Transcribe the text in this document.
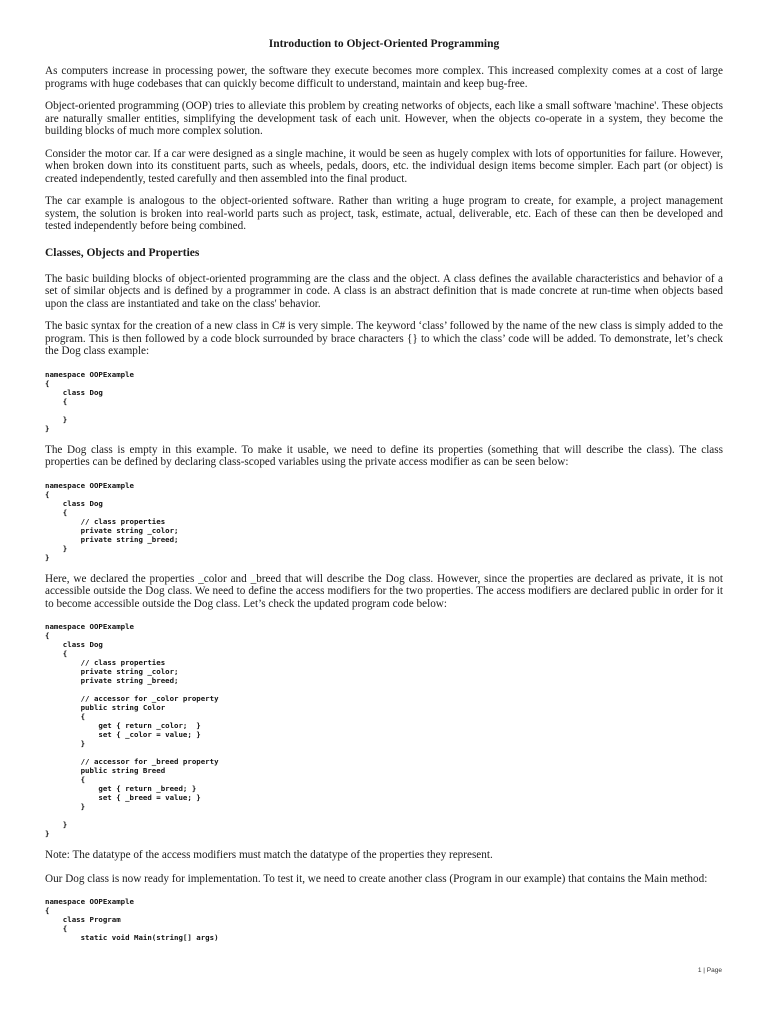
Introduction to Object-Oriented Programming

As computers increase in processing power, the software they execute becomes more complex. This increased complexity comes at a cost of large programs with huge codebases that can quickly become difficult to understand, maintain and keep bug-free.

Object-oriented programming (OOP) tries to alleviate this problem by creating networks of objects, each like a small software 'machine'. These objects are naturally smaller entities, simplifying the development task of each unit. However, when the objects co-operate in a system, they become the building blocks of much more complex solution.

Consider the motor car. If a car were designed as a single machine, it would be seen as hugely complex with lots of opportunities for failure. However, when broken down into its constituent parts, such as wheels, pedals, doors, etc. the individual design items become simpler. Each part (or object) is created independently, tested carefully and then assembled into the final product.

The car example is analogous to the object-oriented software. Rather than writing a huge program to create, for example, a project management system, the solution is broken into real-world parts such as project, task, estimate, actual, deliverable, etc. Each of these can then be developed and tested independently before being combined.

Classes, Objects and Properties

The basic building blocks of object-oriented programming are the class and the object. A class defines the available characteristics and behavior of a set of similar objects and is defined by a programmer in code. A class is an abstract definition that is made concrete at run-time when objects based upon the class are instantiated and take on the class' behavior.

The basic syntax for the creation of a new class in C# is very simple. The keyword ‘class’ followed by the name of the new class is simply added to the program. This is then followed by a code block surrounded by brace characters {} to which the class’ code will be added. To demonstrate, let’s check the Dog class example:

namespace OOPExample
{
class Dog
{

}
}

The Dog class is empty in this example. To make it usable, we need to define its properties (something that will describe the class). The class properties can be defined by declaring class-scoped variables using the private access modifier as can be seen below:

namespace OOPExample
{
class Dog
{
// class properties
private string _color;
private string _breed;
}
}

Here, we declared the properties _color and _breed that will describe the Dog class. However, since the properties are declared as private, it is not accessible outside the Dog class. We need to define the access modifiers for the two properties. The access modifiers are declared public in order for it to become accessible outside the Dog class. Let’s check the updated program code below:

namespace OOPExample
{
class Dog
{
// class properties
private string _color;
private string _breed;

// accessor for _color property
public string Color
{
get { return _color;  }
set { _color = value; }
}

// accessor for _breed property
public string Breed
{
get { return _breed; }
set { _breed = value; }
}

}
}

Note: The datatype of the access modifiers must match the datatype of the properties they represent.

Our Dog class is now ready for implementation. To test it, we need to create another class (Program in our example) that contains the Main method:

namespace OOPExample
{
class Program
{
static void Main(string[] args)
1 | Page
